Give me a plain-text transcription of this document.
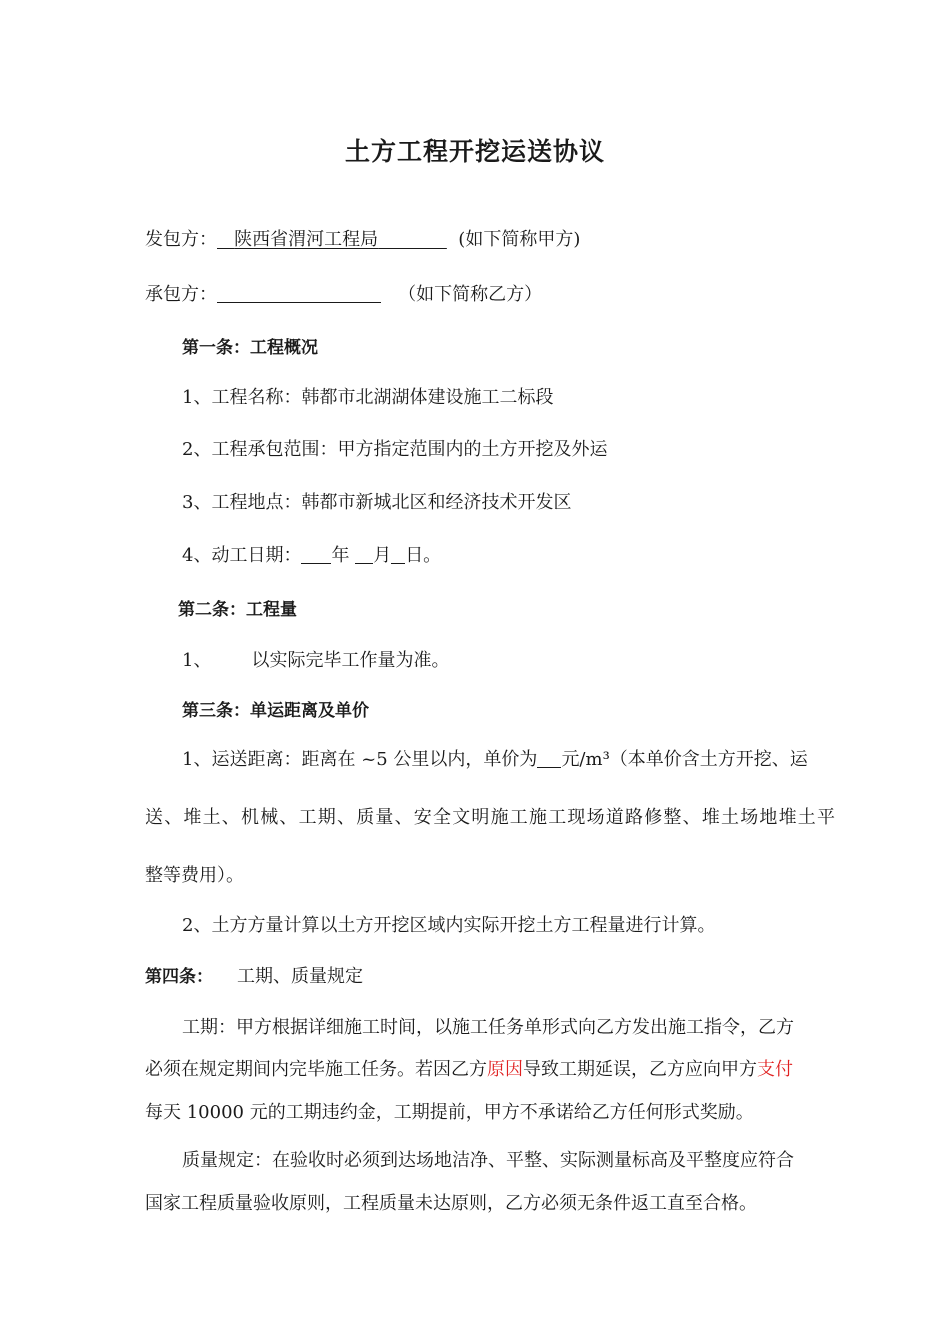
土方工程开挖运送协议
发包方： 陕西省渭河工程局	(如下简称甲方)
承包方：	（如下简称乙方）
第一条：工程概况
1、工程名称：韩都市北湖湖体建设施工二标段
2、工程承包范围：甲方指定范围内的土方开挖及外运
3、工程地点：韩都市新城北区和经济技术开发区
4、动工日期： 年 月 日。
第二条：工程量
1、 以实际完毕工作量为准。
第三条：单运距离及单价
1、运送距离：距离在 ~5 公里以内，单价为 元/m³（本单价含土方开挖、运
送、堆土、机械、工期、质量、安全文明施工施工现场道路修整、堆土场地堆土平
整等费用）。
2、土方方量计算以土方开挖区域内实际开挖土方工程量进行计算。
第四条： 工期、质量规定
工期：甲方根据详细施工时间，以施工任务单形式向乙方发出施工指令，乙方
必须在规定期间内完毕施工任务。若因乙方原因导致工期延误，乙方应向甲方支付
每天 10000 元的工期违约金，工期提前，甲方不承诺给乙方任何形式奖励。
质量规定：在验收时必须到达场地洁净、平整、实际测量标高及平整度应符合
国家工程质量验收原则，工程质量未达原则，乙方必须无条件返工直至合格。
